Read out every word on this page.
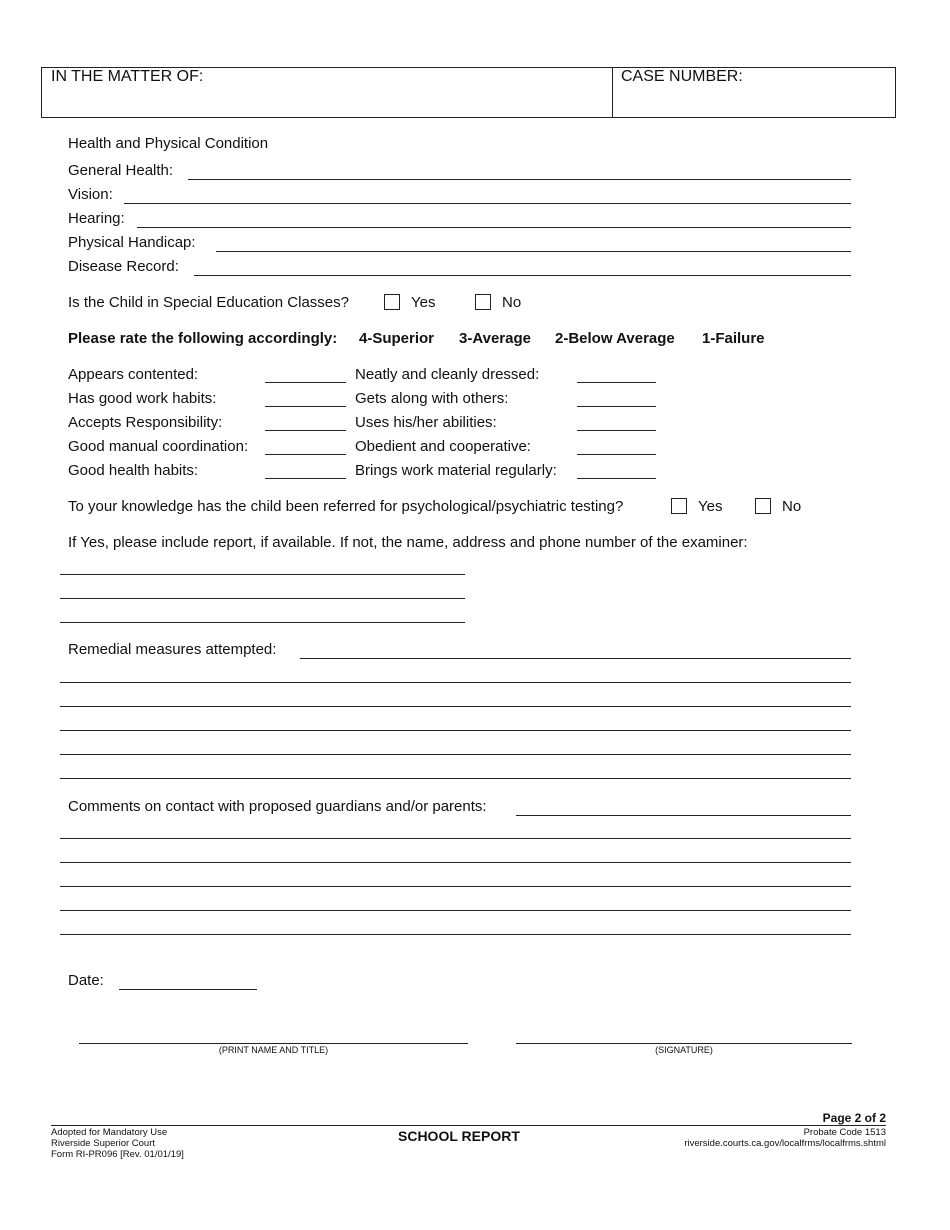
IN THE MATTER OF:	CASE NUMBER:
Health and Physical Condition
General Health:
Vision:
Hearing:
Physical Handicap:
Disease Record:
Is the Child in Special Education Classes?	Yes	No
Please rate the following accordingly: 4-Superior 3-Average 2-Below Average 1-Failure
Appears contented:	Neatly and cleanly dressed:
Has good work habits:	Gets along with others:
Accepts Responsibility:	Uses his/her abilities:
Good manual coordination:	Obedient and cooperative:
Good health habits:	Brings work material regularly:
To your knowledge has the child been referred for psychological/psychiatric testing?	Yes	No
If Yes, please include report, if available. If not, the name, address and phone number of the examiner:
Remedial measures attempted:
Comments on contact with proposed guardians and/or parents:
Date:
(PRINT NAME AND TITLE)	(SIGNATURE)
Page 2 of 2
Adopted for Mandatory Use
Riverside Superior Court
Form RI-PR096 [Rev. 01/01/19]
SCHOOL REPORT	Probate Code 1513
riverside.courts.ca.gov/localfrms/localfrms.shtml
